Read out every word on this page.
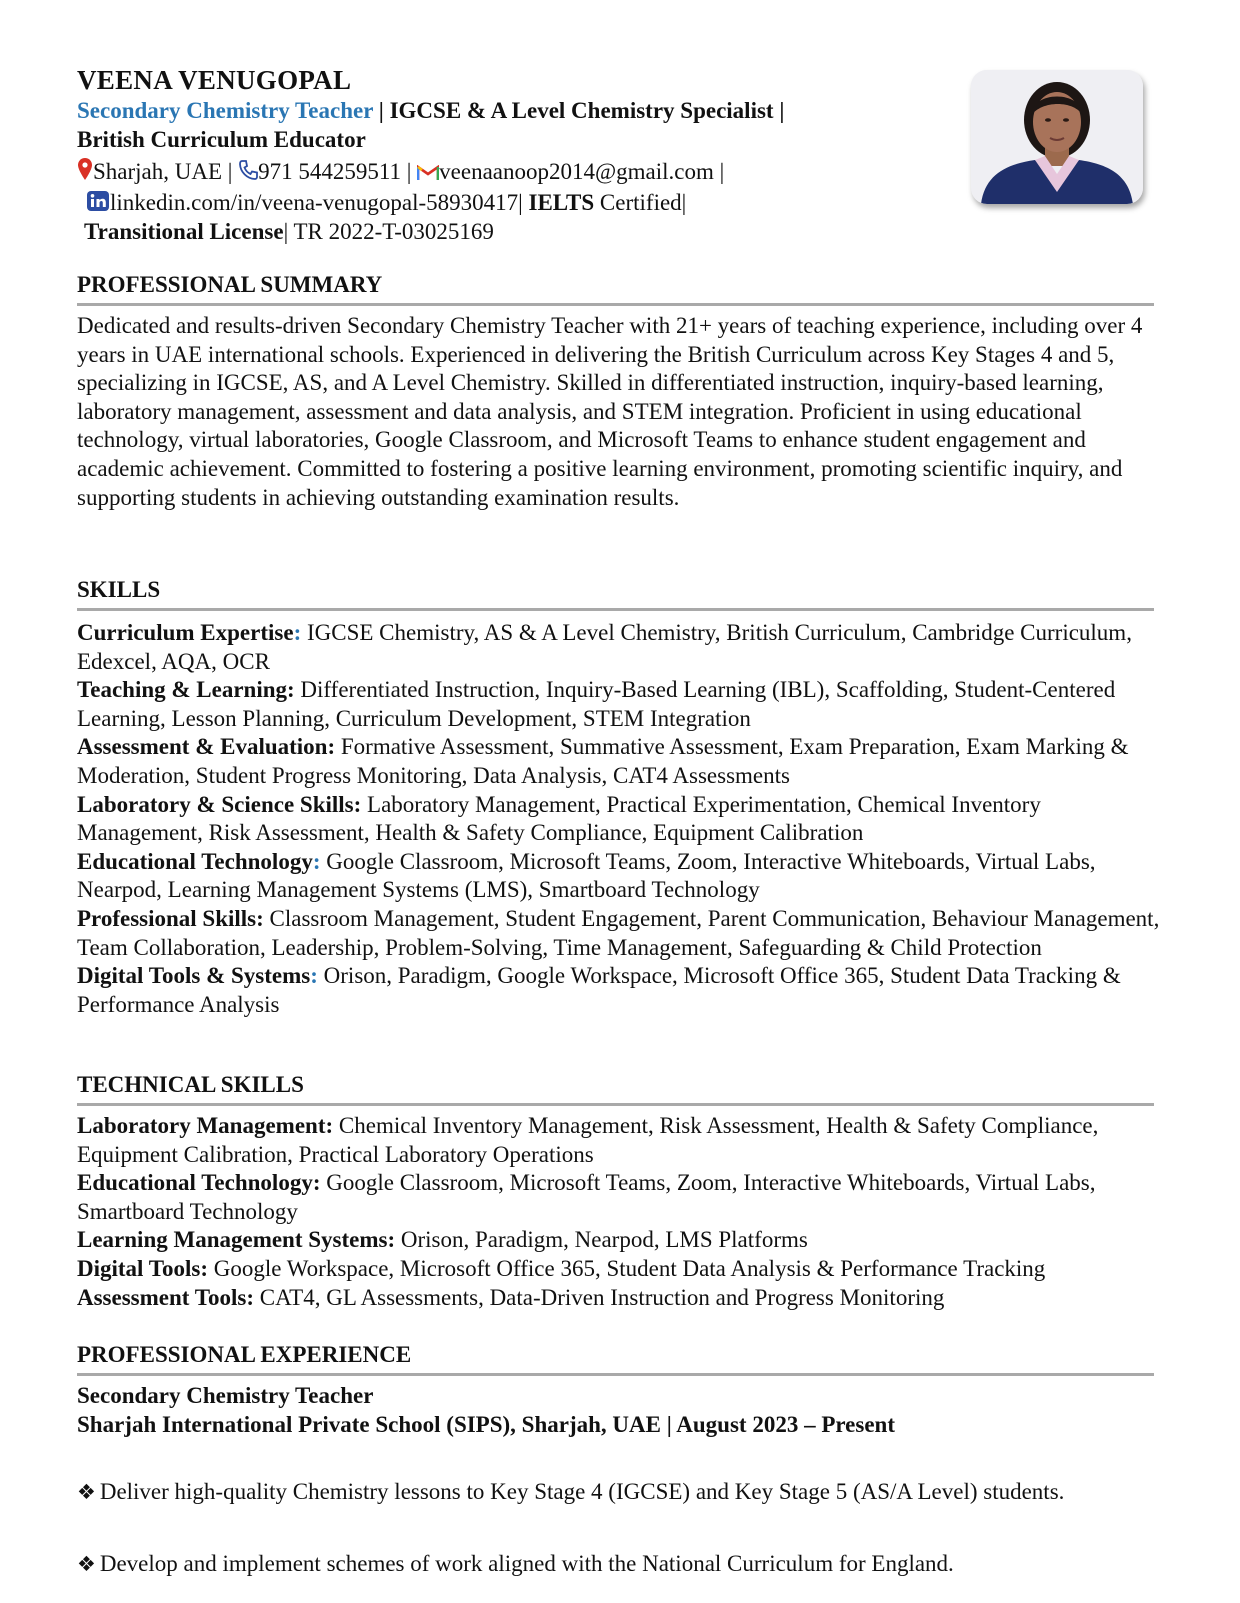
VEENA VENUGOPAL
Secondary Chemistry Teacher | IGCSE & A Level Chemistry Specialist |
British Curriculum Educator
Sharjah, UAE | 971 544259511 | veenaanoop2014@gmail.com |
linkedin.com/in/veena-venugopal-58930417| IELTS Certified|
Transitional License| TR 2022-T-03025169
PROFESSIONAL SUMMARY
Dedicated and results-driven Secondary Chemistry Teacher with 21+ years of teaching experience, including over 4 years in UAE international schools. Experienced in delivering the British Curriculum across Key Stages 4 and 5, specializing in IGCSE, AS, and A Level Chemistry. Skilled in differentiated instruction, inquiry-based learning, laboratory management, assessment and data analysis, and STEM integration. Proficient in using educational technology, virtual laboratories, Google Classroom, and Microsoft Teams to enhance student engagement and academic achievement. Committed to fostering a positive learning environment, promoting scientific inquiry, and supporting students in achieving outstanding examination results.
SKILLS

Curriculum Expertise: IGCSE Chemistry, AS & A Level Chemistry, British Curriculum, Cambridge Curriculum, Edexcel, AQA, OCR

Teaching & Learning: Differentiated Instruction, Inquiry-Based Learning (IBL), Scaffolding, Student-Centered Learning, Lesson Planning, Curriculum Development, STEM Integration

Assessment & Evaluation: Formative Assessment, Summative Assessment, Exam Preparation, Exam Marking & Moderation, Student Progress Monitoring, Data Analysis, CAT4 Assessments

Laboratory & Science Skills: Laboratory Management, Practical Experimentation, Chemical Inventory Management, Risk Assessment, Health & Safety Compliance, Equipment Calibration

Educational Technology: Google Classroom, Microsoft Teams, Zoom, Interactive Whiteboards, Virtual Labs, Nearpod, Learning Management Systems (LMS), Smartboard Technology

Professional Skills: Classroom Management, Student Engagement, Parent Communication, Behaviour Management, Team Collaboration, Leadership, Problem-Solving, Time Management, Safeguarding & Child Protection

Digital Tools & Systems: Orison, Paradigm, Google Workspace, Microsoft Office 365, Student Data Tracking & Performance Analysis

TECHNICAL SKILLS

Laboratory Management: Chemical Inventory Management, Risk Assessment, Health & Safety Compliance, Equipment Calibration, Practical Laboratory Operations

Educational Technology: Google Classroom, Microsoft Teams, Zoom, Interactive Whiteboards, Virtual Labs, Smartboard Technology

Learning Management Systems: Orison, Paradigm, Nearpod, LMS Platforms

Digital Tools: Google Workspace, Microsoft Office 365, Student Data Analysis & Performance Tracking

Assessment Tools: CAT4, GL Assessments, Data-Driven Instruction and Progress Monitoring

PROFESSIONAL EXPERIENCE
Secondary Chemistry Teacher
Sharjah International Private School (SIPS), Sharjah, UAE | August 2023 – Present
❖ Deliver high-quality Chemistry lessons to Key Stage 4 (IGCSE) and Key Stage 5 (AS/A Level) students.
❖ Develop and implement schemes of work aligned with the National Curriculum for England.
